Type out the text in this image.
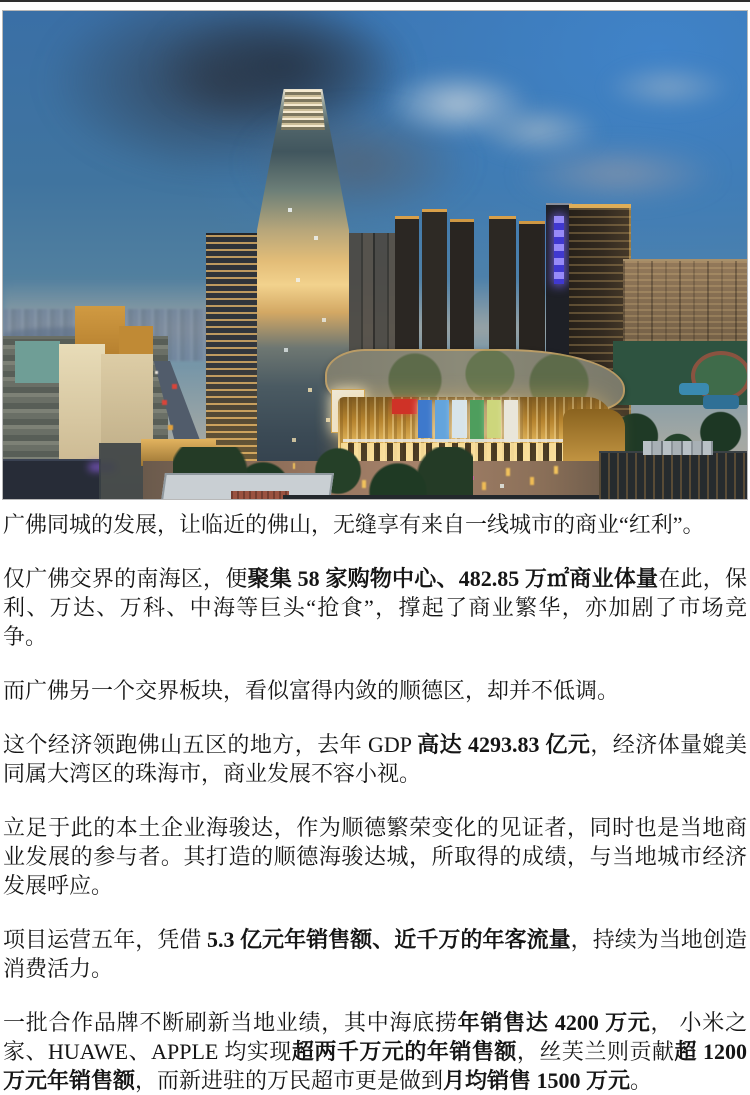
广佛同城的发展，让临近的佛山，无缝享有来自一线城市的商业“红利”。

仅广佛交界的南海区，便聚集 58 家购物中心、482.85 万㎡商业体量在此，保利、万达、万科、中海等巨头“抢食”，撑起了商业繁华，亦加剧了市场竞争。

而广佛另一个交界板块，看似富得内敛的顺德区，却并不低调。

这个经济领跑佛山五区的地方，去年 GDP 高达 4293.83 亿元，经济体量媲美同属大湾区的珠海市，商业发展不容小视。

立足于此的本土企业海骏达，作为顺德繁荣变化的见证者，同时也是当地商业发展的参与者。其打造的顺德海骏达城，所取得的成绩，与当地城市经济发展呼应。

项目运营五年，凭借 5.3 亿元年销售额、近千万的年客流量，持续为当地创造消费活力。

一批合作品牌不断刷新当地业绩，其中海底捞年销售达 4200 万元， 小米之家、HUAWE、APPLE 均实现超两千万元的年销售额，丝芙兰则贡献超 1200 万元年销售额，而新进驻的万民超市更是做到月均销售 1500 万元。
